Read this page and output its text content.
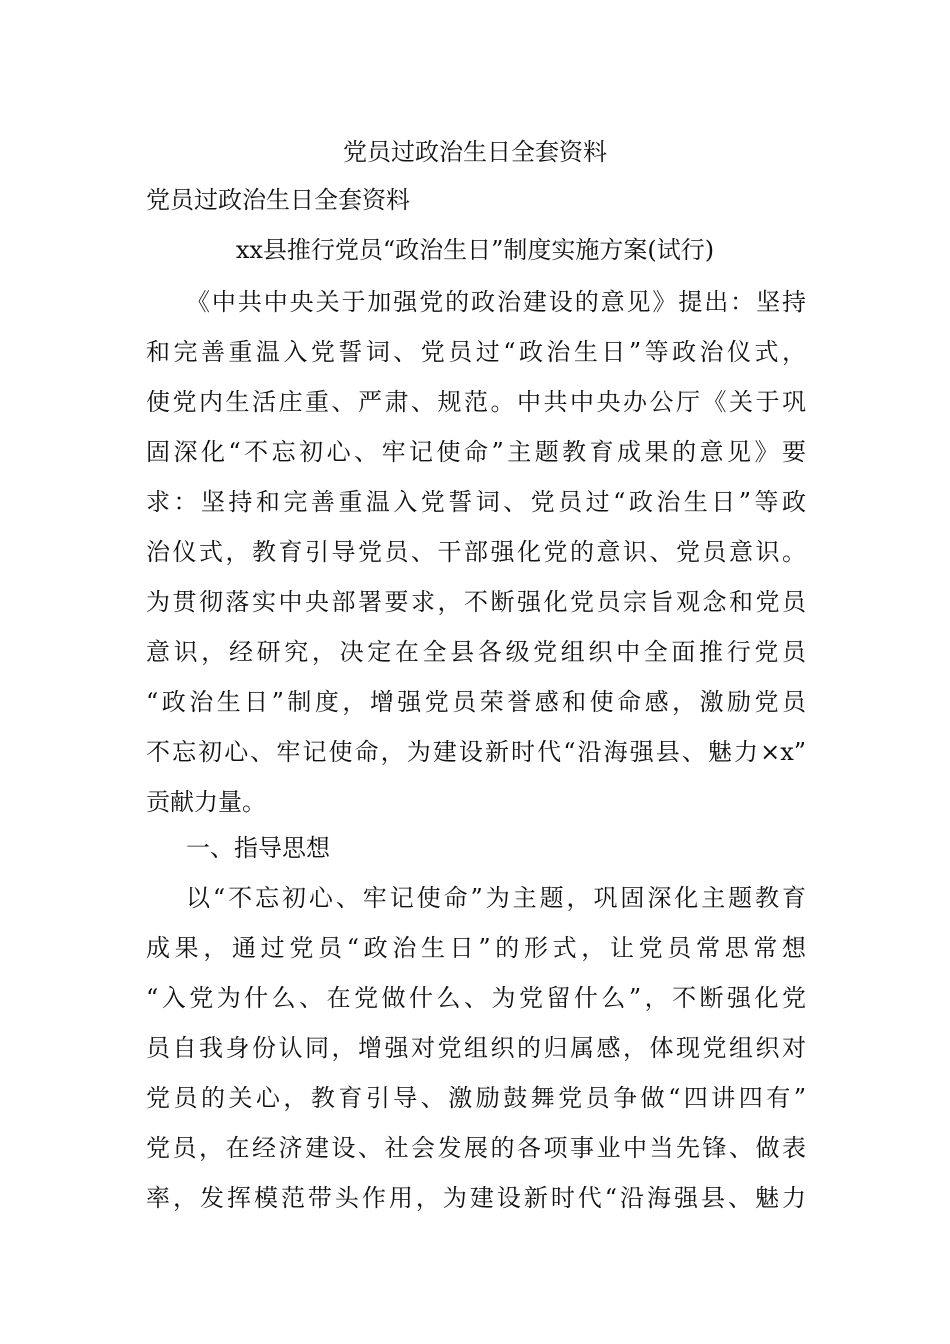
党员过政治生日全套资料
党员过政治生日全套资料
xx县推行党员“政治生日”制度实施方案(试行)
《中共中央关于加强党的政治建设的意见》提出：坚持
和完善重温入党誓词、党员过“政治生日”等政治仪式，
使党内生活庄重、严肃、规范。中共中央办公厅《关于巩
固深化“不忘初心、牢记使命”主题教育成果的意见》要
求：坚持和完善重温入党誓词、党员过“政治生日”等政
治仪式，教育引导党员、干部强化党的意识、党员意识。
为贯彻落实中央部署要求，不断强化党员宗旨观念和党员
意识，经研究，决定在全县各级党组织中全面推行党员
“政治生日”制度，增强党员荣誉感和使命感，激励党员
不忘初心、牢记使命，为建设新时代“沿海强县、魅力×x”
贡献力量。
一、指导思想
以“不忘初心、牢记使命”为主题，巩固深化主题教育
成果，通过党员“政治生日”的形式，让党员常思常想
“入党为什么、在党做什么、为党留什么”，不断强化党
员自我身份认同，增强对党组织的归属感，体现党组织对
党员的关心，教育引导、激励鼓舞党员争做“四讲四有”
党员，在经济建设、社会发展的各项事业中当先锋、做表
率，发挥模范带头作用，为建设新时代“沿海强县、魅力
